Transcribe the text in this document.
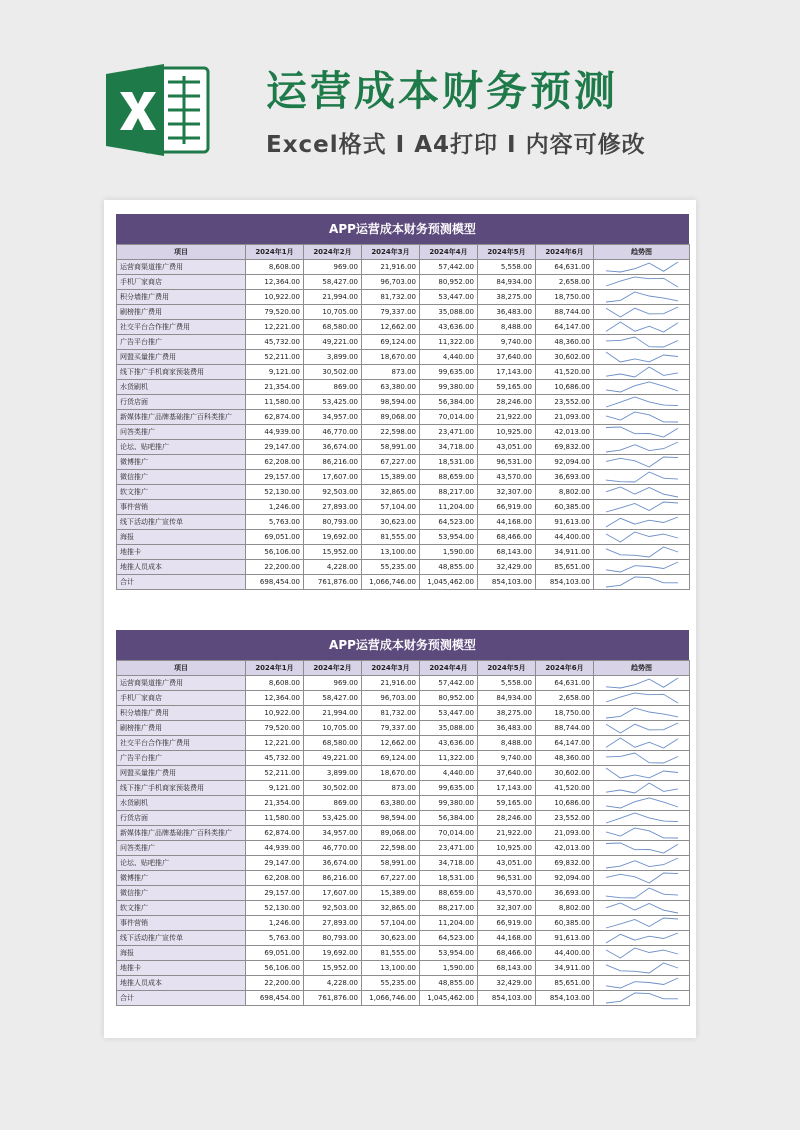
运营成本财务预测
Excel格式 I A4打印 I 内容可修改
APP运营成本财务预测模型
项目	2024年1月	2024年2月	2024年3月	2024年4月	2024年5月	2024年6月	趋势图
运营商渠道推广费用	8,608.00	969.00	21,916.00	57,442.00	5,558.00	64,631.00	

手机厂家商店	12,364.00	58,427.00	96,703.00	80,952.00	84,934.00	2,658.00	

积分墙推广费用	10,922.00	21,994.00	81,732.00	53,447.00	38,275.00	18,750.00	

刷榜推广费用	79,520.00	10,705.00	79,337.00	35,088.00	36,483.00	88,744.00	

社交平台合作推广费用	12,221.00	68,580.00	12,662.00	43,636.00	8,488.00	64,147.00	

广告平台推广	45,732.00	49,221.00	69,124.00	11,322.00	9,740.00	48,360.00	

网盟买量推广费用	52,211.00	3,899.00	18,670.00	4,440.00	37,640.00	30,602.00	

线下推广手机商家预装费用	9,121.00	30,502.00	873.00	99,635.00	17,143.00	41,520.00	

水货刷机	21,354.00	869.00	63,380.00	99,380.00	59,165.00	10,686.00	

行货店面	11,580.00	53,425.00	98,594.00	56,384.00	28,246.00	23,552.00	

新媒体推广品牌基础推广百科类推广	62,874.00	34,957.00	89,068.00	70,014.00	21,922.00	21,093.00	

问答类推广	44,939.00	46,770.00	22,598.00	23,471.00	10,925.00	42,013.00	

论坛、贴吧推广	29,147.00	36,674.00	58,991.00	34,718.00	43,051.00	69,832.00	

微博推广	62,208.00	86,216.00	67,227.00	18,531.00	96,531.00	92,094.00	

微信推广	29,157.00	17,607.00	15,389.00	88,659.00	43,570.00	36,693.00	

软文推广	52,130.00	92,503.00	32,865.00	88,217.00	32,307.00	8,802.00	

事件营销	1,246.00	27,893.00	57,104.00	11,204.00	66,919.00	60,385.00	

线下活动推广宣传单	5,763.00	80,793.00	30,623.00	64,523.00	44,168.00	91,613.00	

海报	69,051.00	19,692.00	81,555.00	53,954.00	68,466.00	44,400.00	

地推卡	56,106.00	15,952.00	13,100.00	1,590.00	68,143.00	34,911.00	

地推人员成本	22,200.00	4,228.00	55,235.00	48,855.00	32,429.00	85,651.00	

合计	698,454.00	761,876.00	1,066,746.00	1,045,462.00	854,103.00	854,103.00	
APP运营成本财务预测模型
项目	2024年1月	2024年2月	2024年3月	2024年4月	2024年5月	2024年6月	趋势图
运营商渠道推广费用	8,608.00	969.00	21,916.00	57,442.00	5,558.00	64,631.00	

手机厂家商店	12,364.00	58,427.00	96,703.00	80,952.00	84,934.00	2,658.00	

积分墙推广费用	10,922.00	21,994.00	81,732.00	53,447.00	38,275.00	18,750.00	

刷榜推广费用	79,520.00	10,705.00	79,337.00	35,088.00	36,483.00	88,744.00	

社交平台合作推广费用	12,221.00	68,580.00	12,662.00	43,636.00	8,488.00	64,147.00	

广告平台推广	45,732.00	49,221.00	69,124.00	11,322.00	9,740.00	48,360.00	

网盟买量推广费用	52,211.00	3,899.00	18,670.00	4,440.00	37,640.00	30,602.00	

线下推广手机商家预装费用	9,121.00	30,502.00	873.00	99,635.00	17,143.00	41,520.00	

水货刷机	21,354.00	869.00	63,380.00	99,380.00	59,165.00	10,686.00	

行货店面	11,580.00	53,425.00	98,594.00	56,384.00	28,246.00	23,552.00	

新媒体推广品牌基础推广百科类推广	62,874.00	34,957.00	89,068.00	70,014.00	21,922.00	21,093.00	

问答类推广	44,939.00	46,770.00	22,598.00	23,471.00	10,925.00	42,013.00	

论坛、贴吧推广	29,147.00	36,674.00	58,991.00	34,718.00	43,051.00	69,832.00	

微博推广	62,208.00	86,216.00	67,227.00	18,531.00	96,531.00	92,094.00	

微信推广	29,157.00	17,607.00	15,389.00	88,659.00	43,570.00	36,693.00	

软文推广	52,130.00	92,503.00	32,865.00	88,217.00	32,307.00	8,802.00	

事件营销	1,246.00	27,893.00	57,104.00	11,204.00	66,919.00	60,385.00	

线下活动推广宣传单	5,763.00	80,793.00	30,623.00	64,523.00	44,168.00	91,613.00	

海报	69,051.00	19,692.00	81,555.00	53,954.00	68,466.00	44,400.00	

地推卡	56,106.00	15,952.00	13,100.00	1,590.00	68,143.00	34,911.00	

地推人员成本	22,200.00	4,228.00	55,235.00	48,855.00	32,429.00	85,651.00	

合计	698,454.00	761,876.00	1,066,746.00	1,045,462.00	854,103.00	854,103.00	
